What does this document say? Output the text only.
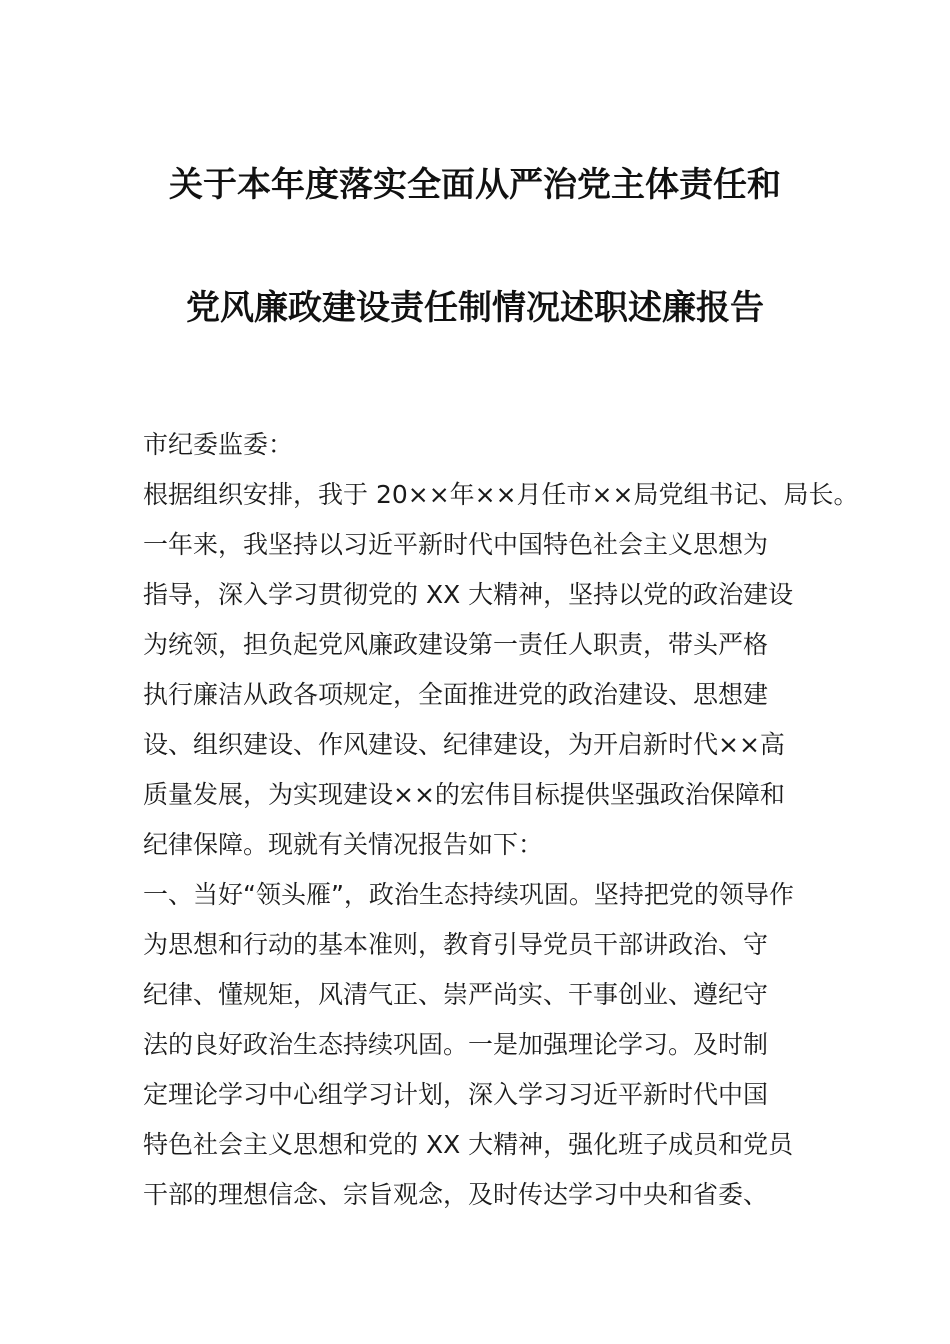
关于本年度落实全面从严治党主体责任和
党风廉政建设责任制情况述职述廉报告
市纪委监委：
根据组织安排，我于 20××年××月任市××局党组书记、局长。
一年来，我坚持以习近平新时代中国特色社会主义思想为
指导，深入学习贯彻党的 XX 大精神，坚持以党的政治建设
为统领，担负起党风廉政建设第一责任人职责，带头严格
执行廉洁从政各项规定，全面推进党的政治建设、思想建
设、组织建设、作风建设、纪律建设，为开启新时代××高
质量发展，为实现建设××的宏伟目标提供坚强政治保障和
纪律保障。现就有关情况报告如下：
一、当好“领头雁”，政治生态持续巩固。坚持把党的领导作
为思想和行动的基本准则，教育引导党员干部讲政治、守
纪律、懂规矩，风清气正、崇严尚实、干事创业、遵纪守
法的良好政治生态持续巩固。一是加强理论学习。及时制
定理论学习中心组学习计划，深入学习习近平新时代中国
特色社会主义思想和党的 XX 大精神，强化班子成员和党员
干部的理想信念、宗旨观念，及时传达学习中央和省委、
